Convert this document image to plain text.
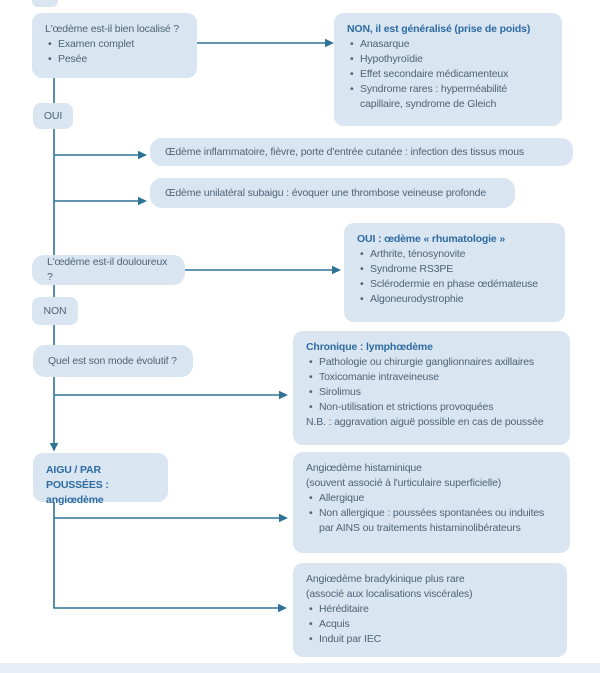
L'œdème est-il bien localisé ?
• Examen complet
• Pesée
NON, il est généralisé (prise de poids)
• Anasarque
• Hypothyroïdie
• Effet secondaire médicamenteux
• Syndrome rares : hyperméabilité capillaire, syndrome de Gleich
OUI
Œdème inflammatoire, fièvre, porte d'entrée cutanée : infection des tissus mous
Œdème unilatéral subaigu : évoquer une thrombose veineuse profonde
L'œdème est-il douloureux ?
OUI : œdème « rhumatologie »
• Arthrite, ténosynovite
• Syndrome RS3PE
• Sclérodermie en phase œdémateuse
• Algoneurodystrophie
NON
Quel est son mode évolutif ?
Chronique : lymphœdème
• Pathologie ou chirurgie ganglionnaires axillaires
• Toxicomanie intraveineuse
• Sirolimus
• Non-utilisation et strictions provoquées
N.B. : aggravation aiguë possible en cas de poussée
AIGU / PAR POUSSÉES :
angiœdème
Angiœdème histaminique
(souvent associé à l'urticulaire superficielle)
• Allergique
• Non allergique : poussées spontanées ou induites par AINS ou traitements histaminolibérateurs
Angiœdème bradykinique plus rare
(associé aux localisations viscérales)
• Héréditaire
• Acquis
• Induit par IEC
